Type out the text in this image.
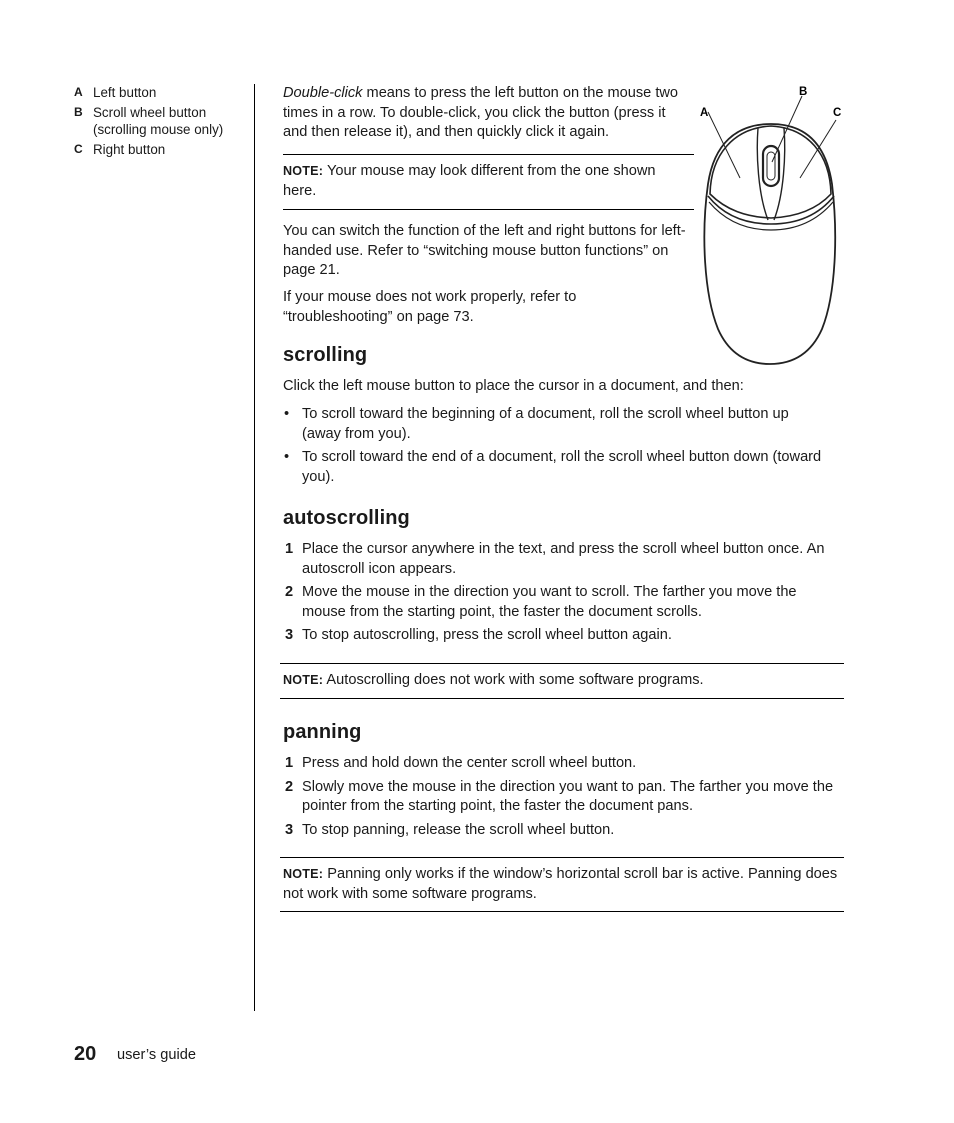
A Left button
B Scroll wheel button (scrolling mouse only)
C Right button

Double-click means to press the left button on the mouse two times in a row. To double-click, you click the button (press it and then release it), and then quickly click it again.

NOTE: Your mouse may look different from the one shown here.

You can switch the function of the left and right buttons for left-handed use. Refer to “switching mouse button functions” on page 21.

If your mouse does not work properly, refer to “troubleshooting” on page 73.

A
B
C
scrolling

Click the left mouse button to place the cursor in a document, and then:

• To scroll toward the beginning of a document, roll the scroll wheel button up (away from you).
• To scroll toward the end of a document, roll the scroll wheel button down (toward you).
autoscrolling
1 Place the cursor anywhere in the text, and press the scroll wheel button once. An autoscroll icon appears.
2 Move the mouse in the direction you want to scroll. The farther you move the mouse from the starting point, the faster the document scrolls.
3 To stop autoscrolling, press the scroll wheel button again.

NOTE: Autoscrolling does not work with some software programs.

panning
1 Press and hold down the center scroll wheel button.
2 Slowly move the mouse in the direction you want to pan. The farther you move the pointer from the starting point, the faster the document pans.
3 To stop panning, release the scroll wheel button.

NOTE: Panning only works if the window’s horizontal scroll bar is active. Panning does not work with some software programs.

20 user’s guide
